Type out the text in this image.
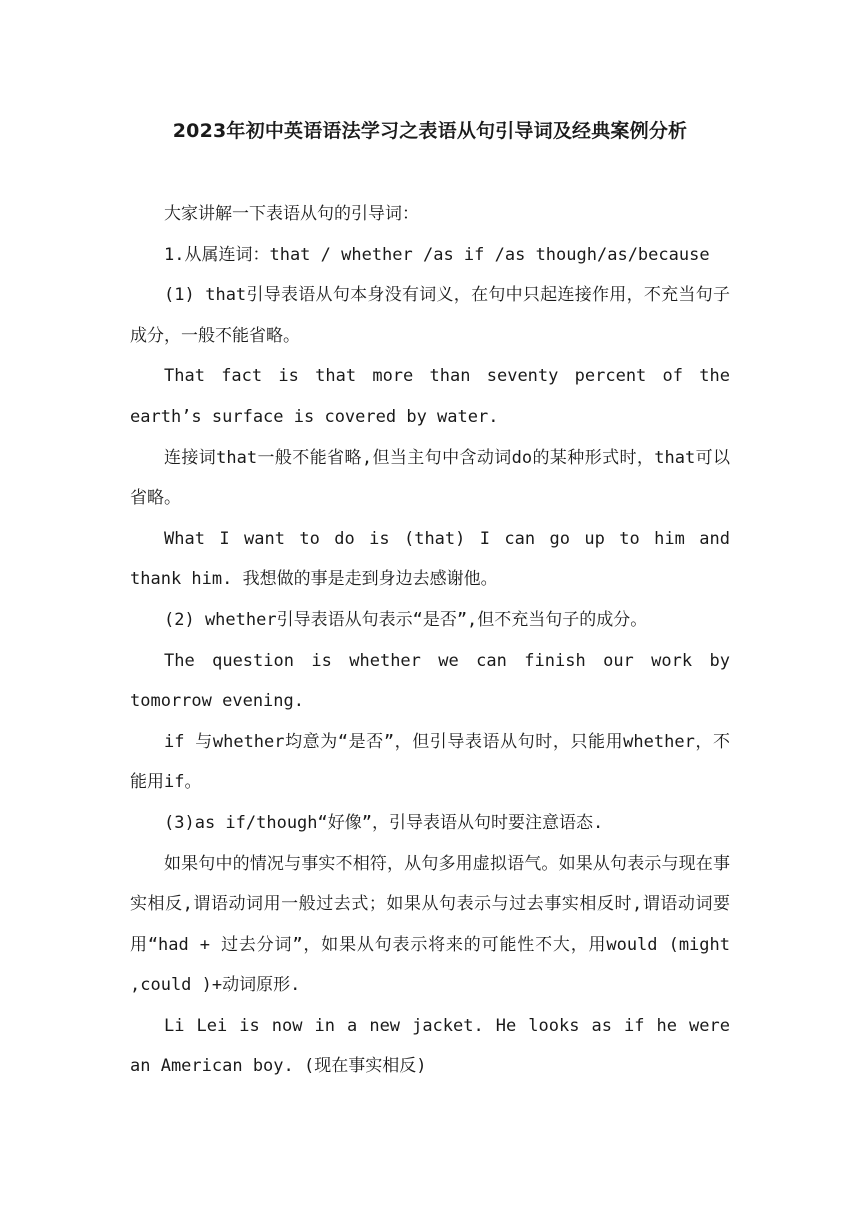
2023年初中英语语法学习之表语从句引导词及经典案例分析

大家讲解一下表语从句的引导词：

1.从属连词：that / whether /as if /as though/as/because

(1) that引导表语从句本身没有词义，在句中只起连接作用，不充当句子成分，一般不能省略。

That fact is that more than seventy percent of the earth’s surface is covered by water.

连接词that一般不能省略,但当主句中含动词do的某种形式时，that可以省略。

What I want to do is (that) I can go up to him and thank him. 我想做的事是走到身边去感谢他。

(2) whether引导表语从句表示“是否”,但不充当句子的成分。

The question is whether we can finish our work by tomorrow evening.

if 与whether均意为“是否”，但引导表语从句时，只能用whether，不能用if。

(3)as if/though“好像”，引导表语从句时要注意语态.

如果句中的情况与事实不相符，从句多用虚拟语气。如果从句表示与现在事实相反,谓语动词用一般过去式；如果从句表示与过去事实相反时,谓语动词要用“had + 过去分词”，如果从句表示将来的可能性不大，用would (might ,could )+动词原形.

Li Lei is now in a new jacket. He looks as if he were an American boy. (现在事实相反)
